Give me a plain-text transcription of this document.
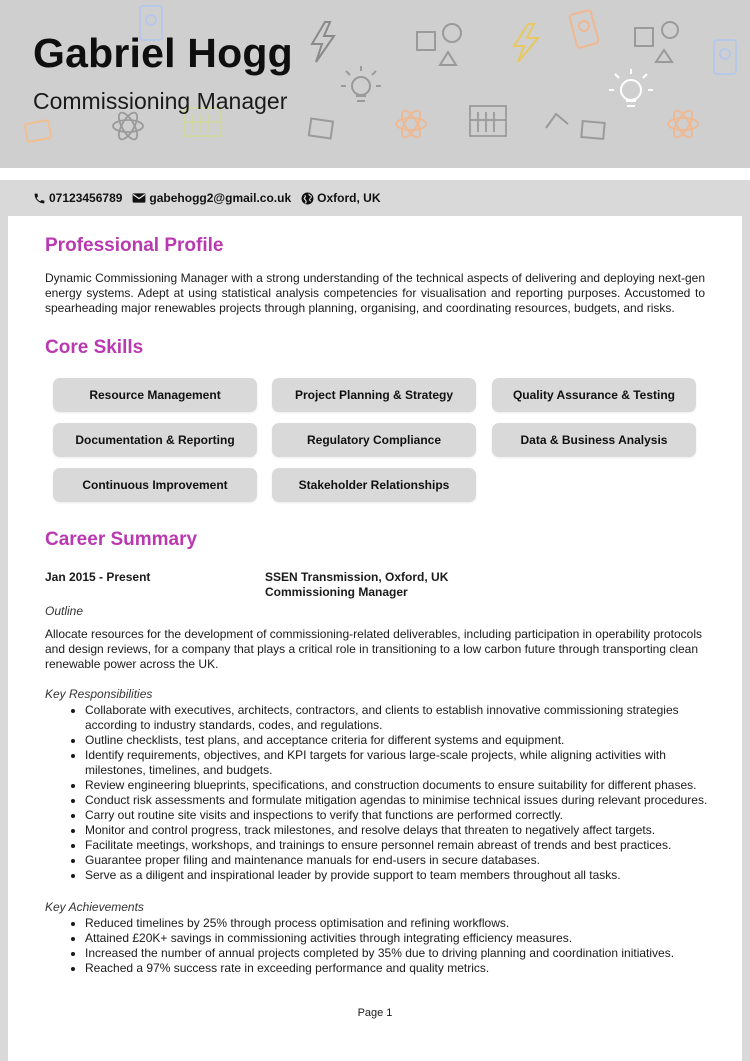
Gabriel Hogg
Commissioning Manager
07123456789 gabehogg2@gmail.co.uk Oxford, UK
Professional Profile

Dynamic Commissioning Manager with a strong understanding of the technical aspects of delivering and deploying next-gen energy systems. Adept at using statistical analysis competencies for visualisation and reporting purposes. Accustomed to spearheading major renewables projects through planning, organising, and coordinating resources, budgets, and risks.

Core Skills
Resource Management	Project Planning & Strategy	Quality Assurance & Testing
Documentation & Reporting	Regulatory Compliance	Data & Business Analysis
Continuous Improvement	Stakeholder Relationships
Career Summary

Jan 2015 - Present	SSEN Transmission, Oxford, UK

Commissioning Manager

Outline

Allocate resources for the development of commissioning-related deliverables, including participation in operability protocols and design reviews, for a company that plays a critical role in transitioning to a low carbon future through transporting clean renewable power across the UK.

Key Responsibilities

• Collaborate with executives, architects, contractors, and clients to establish innovative commissioning strategies according to industry standards, codes, and regulations.
• Outline checklists, test plans, and acceptance criteria for different systems and equipment.
• Identify requirements, objectives, and KPI targets for various large-scale projects, while aligning activities with milestones, timelines, and budgets.
• Review engineering blueprints, specifications, and construction documents to ensure suitability for different phases.
• Conduct risk assessments and formulate mitigation agendas to minimise technical issues during relevant procedures.
• Carry out routine site visits and inspections to verify that functions are performed correctly.
• Monitor and control progress, track milestones, and resolve delays that threaten to negatively affect targets.
• Facilitate meetings, workshops, and trainings to ensure personnel remain abreast of trends and best practices.
• Guarantee proper filing and maintenance manuals for end-users in secure databases.
• Serve as a diligent and inspirational leader by provide support to team members throughout all tasks.

Key Achievements

• Reduced timelines by 25% through process optimisation and refining workflows.
• Attained £20K+ savings in commissioning activities through integrating efficiency measures.
• Increased the number of annual projects completed by 35% due to driving planning and coordination initiatives.
• Reached a 97% success rate in exceeding performance and quality metrics.
Page 1
